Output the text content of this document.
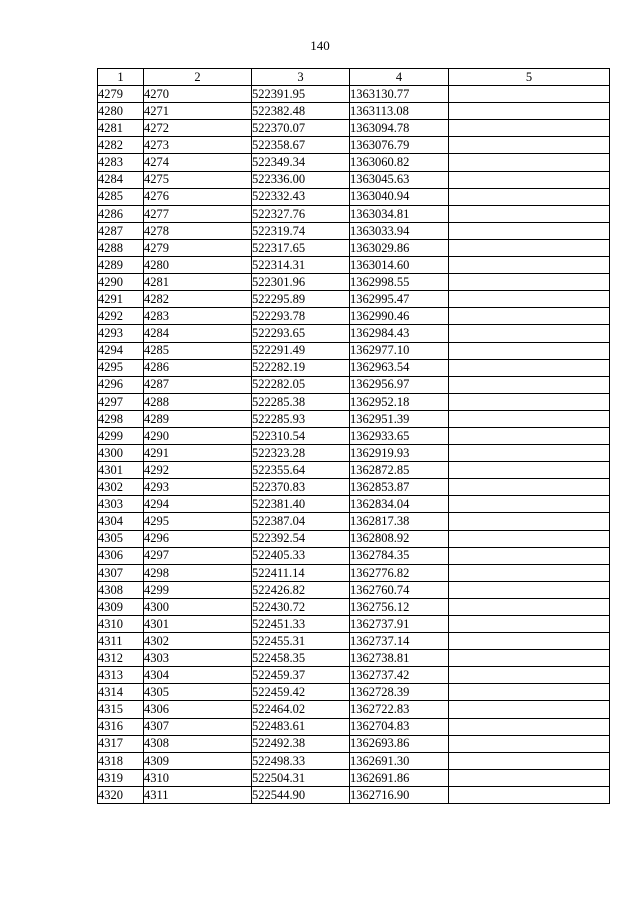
140
1	2	3	4	5
4279	4270	522391.95	1363130.77	
4280	4271	522382.48	1363113.08	
4281	4272	522370.07	1363094.78	
4282	4273	522358.67	1363076.79	
4283	4274	522349.34	1363060.82	
4284	4275	522336.00	1363045.63	
4285	4276	522332.43	1363040.94	
4286	4277	522327.76	1363034.81	
4287	4278	522319.74	1363033.94	
4288	4279	522317.65	1363029.86	
4289	4280	522314.31	1363014.60	
4290	4281	522301.96	1362998.55	
4291	4282	522295.89	1362995.47	
4292	4283	522293.78	1362990.46	
4293	4284	522293.65	1362984.43	
4294	4285	522291.49	1362977.10	
4295	4286	522282.19	1362963.54	
4296	4287	522282.05	1362956.97	
4297	4288	522285.38	1362952.18	
4298	4289	522285.93	1362951.39	
4299	4290	522310.54	1362933.65	
4300	4291	522323.28	1362919.93	
4301	4292	522355.64	1362872.85	
4302	4293	522370.83	1362853.87	
4303	4294	522381.40	1362834.04	
4304	4295	522387.04	1362817.38	
4305	4296	522392.54	1362808.92	
4306	4297	522405.33	1362784.35	
4307	4298	522411.14	1362776.82	
4308	4299	522426.82	1362760.74	
4309	4300	522430.72	1362756.12	
4310	4301	522451.33	1362737.91	
4311	4302	522455.31	1362737.14	
4312	4303	522458.35	1362738.81	
4313	4304	522459.37	1362737.42	
4314	4305	522459.42	1362728.39	
4315	4306	522464.02	1362722.83	
4316	4307	522483.61	1362704.83	
4317	4308	522492.38	1362693.86	
4318	4309	522498.33	1362691.30	
4319	4310	522504.31	1362691.86	
4320	4311	522544.90	1362716.90	
